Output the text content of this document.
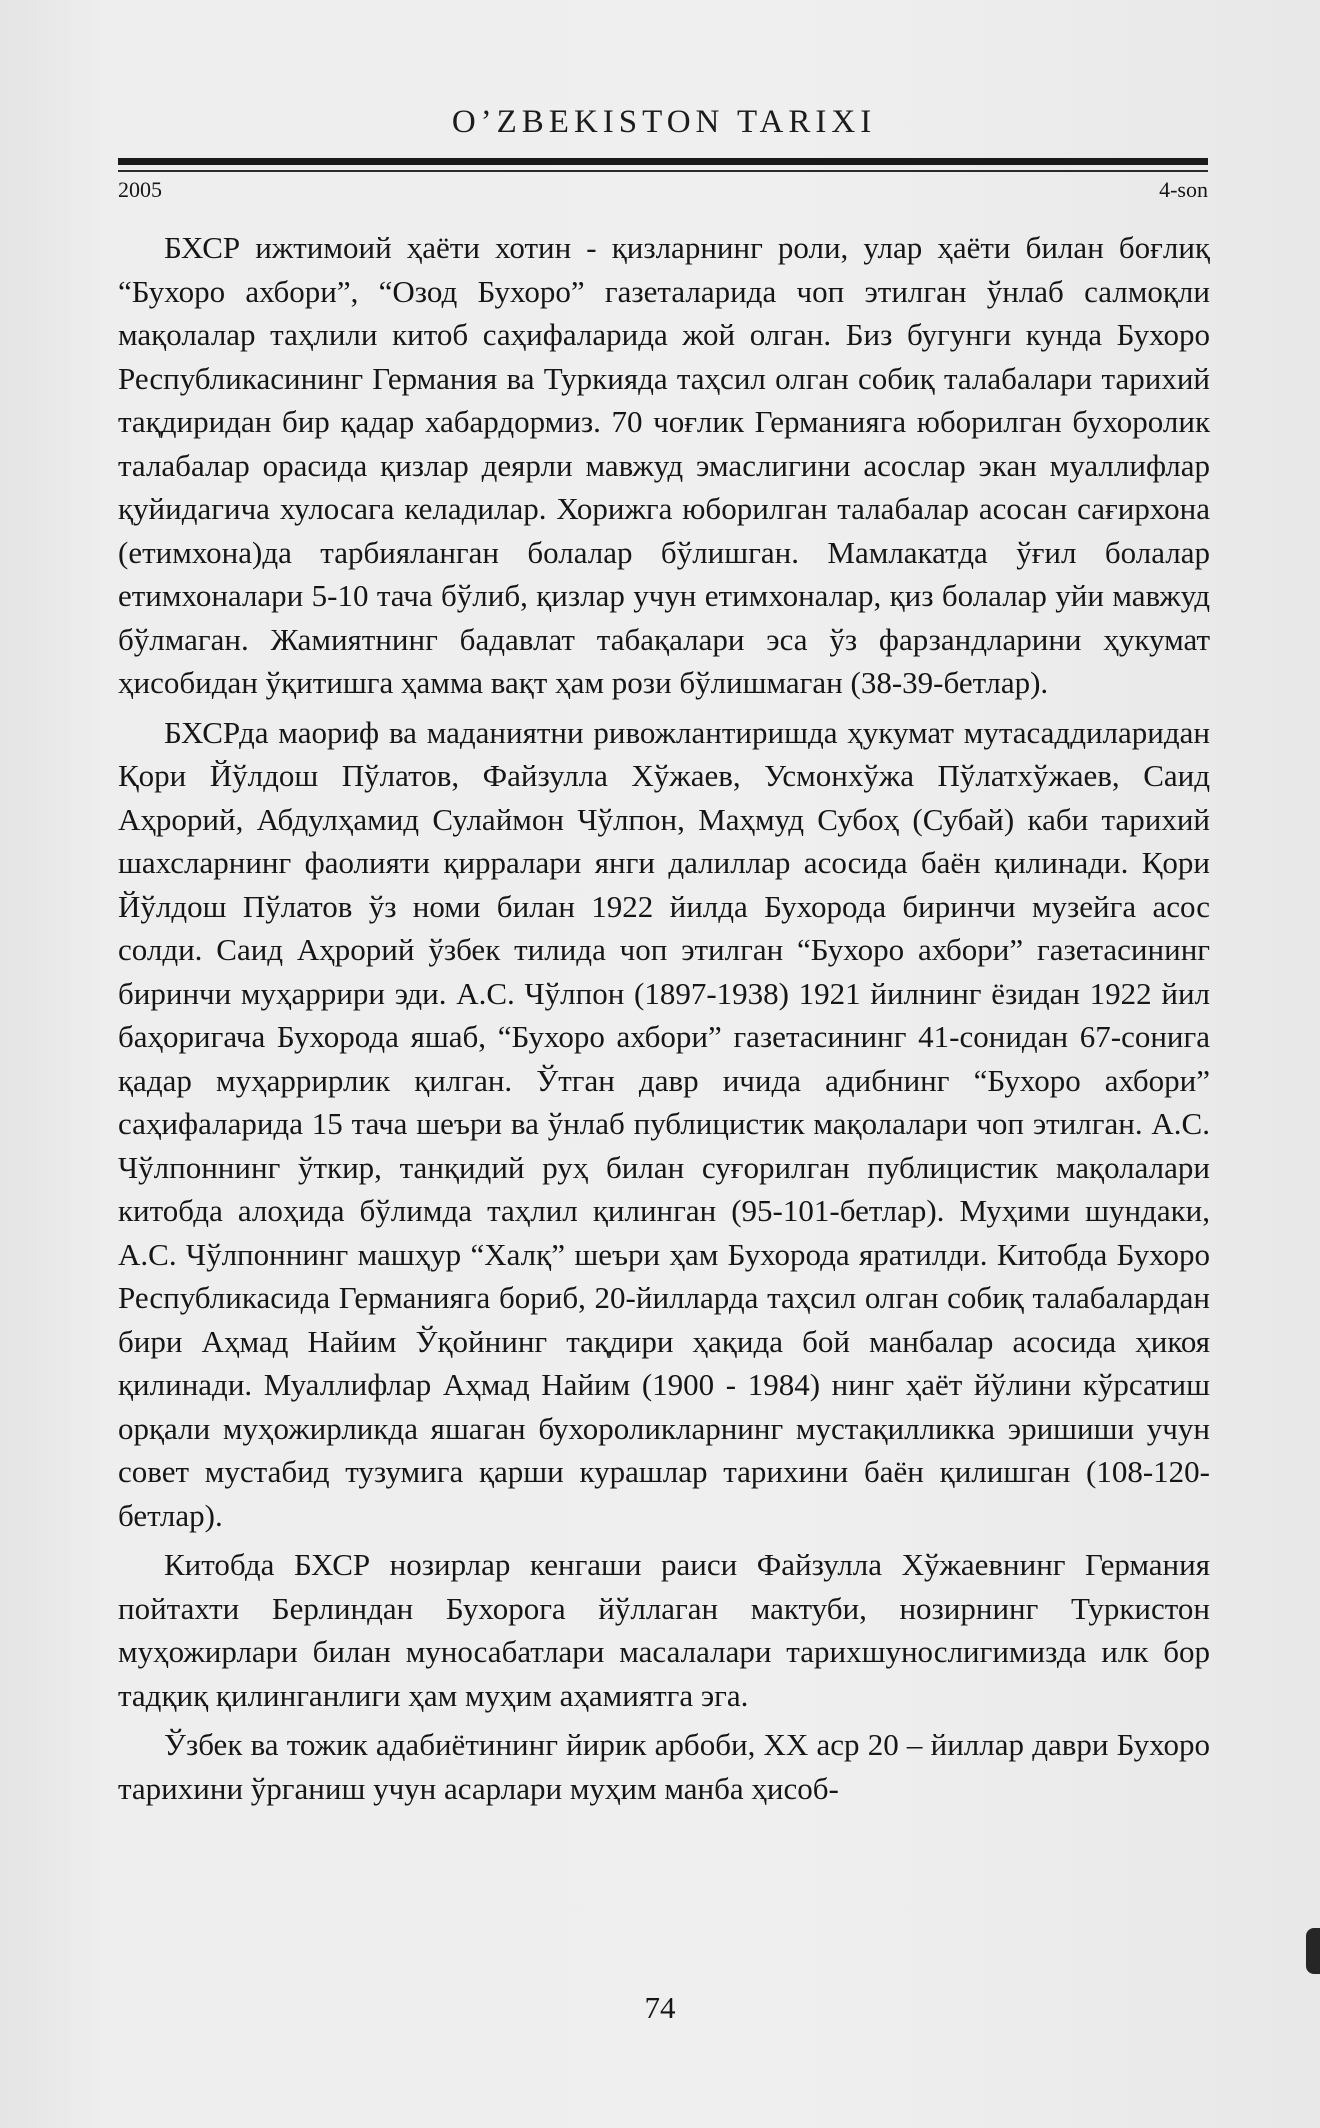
O’ZBEKISTON TARIXI
2005	4-son

БХСР ижтимоий ҳаёти хотин - қизларнинг роли, улар ҳаёти билан боғлиқ “Бухоро ахбори”, “Озод Бухоро” газеталарида чоп этилган ўнлаб салмоқли мақолалар таҳлили китоб саҳифаларида жой олган. Биз бугунги кунда Бухоро Республикасининг Германия ва Туркияда таҳсил олган собиқ талабалари тарихий тақдиридан бир қадар хабардормиз. 70 чоғлик Германияга юборилган бухоролик талабалар орасида қизлар деярли мавжуд эмаслигини асослар экан муаллифлар қуйидагича хулосага келадилар. Хорижга юборилган талабалар асосан сағирхона (етимхона)да тарбияланган болалар бўлишган. Мамлакатда ўғил болалар етимхоналари 5-10 тача бўлиб, қизлар учун етимхоналар, қиз болалар уйи мавжуд бўлмаган. Жамиятнинг бадавлат табақалари эса ўз фарзандларини ҳукумат ҳисобидан ўқитишга ҳамма вақт ҳам рози бўлишмаган (38-39-бетлар).

БХСРда маориф ва маданиятни ривожлантиришда ҳукумат мутасаддиларидан Қори Йўлдош Пўлатов, Файзулла Хўжаев, Усмонхўжа Пўлатхўжаев, Саид Аҳрорий, Абдулҳамид Сулаймон Чўлпон, Маҳмуд Субоҳ (Субай) каби тарихий шахсларнинг фаолияти қирралари янги далиллар асосида баён қилинади. Қори Йўлдош Пўлатов ўз номи билан 1922 йилда Бухорода биринчи музейга асос солди. Саид Аҳрорий ўзбек тилида чоп этилган “Бухоро ахбори” газетасининг биринчи муҳаррири эди. А.С. Чўлпон (1897-1938) 1921 йилнинг ёзидан 1922 йил баҳоригача Бухорода яшаб, “Бухоро ахбори” газетасининг 41-сонидан 67-сонига қадар муҳаррирлик қилган. Ўтган давр ичида адибнинг “Бухоро ахбори” саҳифаларида 15 тача шеъри ва ўнлаб публицистик мақолалари чоп этилган. А.С. Чўлпоннинг ўткир, танқидий руҳ билан суғорилган публицистик мақолалари китобда алоҳида бўлимда таҳлил қилинган (95-101-бетлар). Муҳими шундаки, А.С. Чўлпоннинг машҳур “Халқ” шеъри ҳам Бухорода яратилди. Китобда Бухоро Республикасида Германияга бориб, 20-йилларда таҳсил олган собиқ талабалардан бири Аҳмад Найим Ўқойнинг тақдири ҳақида бой манбалар асосида ҳикоя қилинади. Муаллифлар Аҳмад Найим (1900 - 1984) нинг ҳаёт йўлини кўрсатиш орқали муҳожирликда яшаган бухороликларнинг мустақилликка эришиши учун совет мустабид тузумига қарши курашлар тарихини баён қилишган (108-120-бетлар).

Китобда БХСР нозирлар кенгаши раиси Файзулла Хўжаевнинг Германия пойтахти Берлиндан Бухорога йўллаган мактуби, нозирнинг Туркистон муҳожирлари билан муносабатлари масалалари тарихшунослигимизда илк бор тадқиқ қилинганлиги ҳам муҳим аҳамиятга эга.

Ўзбек ва тожик адабиётининг йирик арбоби, XX аср 20 – йиллар даври Бухоро тарихини ўрганиш учун асарлари муҳим манба ҳисоб-

74
